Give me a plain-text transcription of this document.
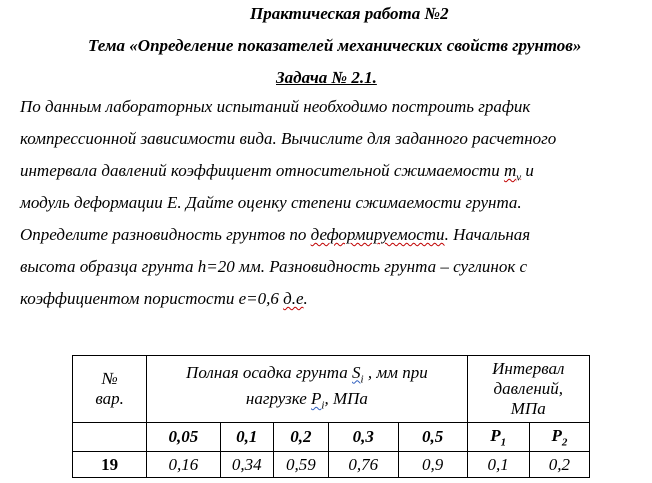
Практическая работа №2
Тема «Определение показателей механических свойств грунтов»
Задача № 2.1.
По данным лабораторных испытаний необходимо построить график
компрессионной зависимости вида. Вычислите для заданного расчетного
интервала давлений коэффициент относительной сжимаемости $m_v$ и
модуль деформации Е. Дайте оценку степени сжимаемости грунта.
Определите разновидность грунтов по деформируемости. Начальная
высота образца грунта h=20 мм. Разновидность грунта – суглинок с
коэффициентом пористости е=0,6 д.е.
№ вар.	Полная осадка грунта $S_i$ , мм при нагрузке $P_i$, МПа					Интервал давлений, МПа	

	0,05	0,1	0,2	0,3	0,5	$P_1$	$P_2$
19	0,16	0,34	0,59	0,76	0,9	0,1	0,2
